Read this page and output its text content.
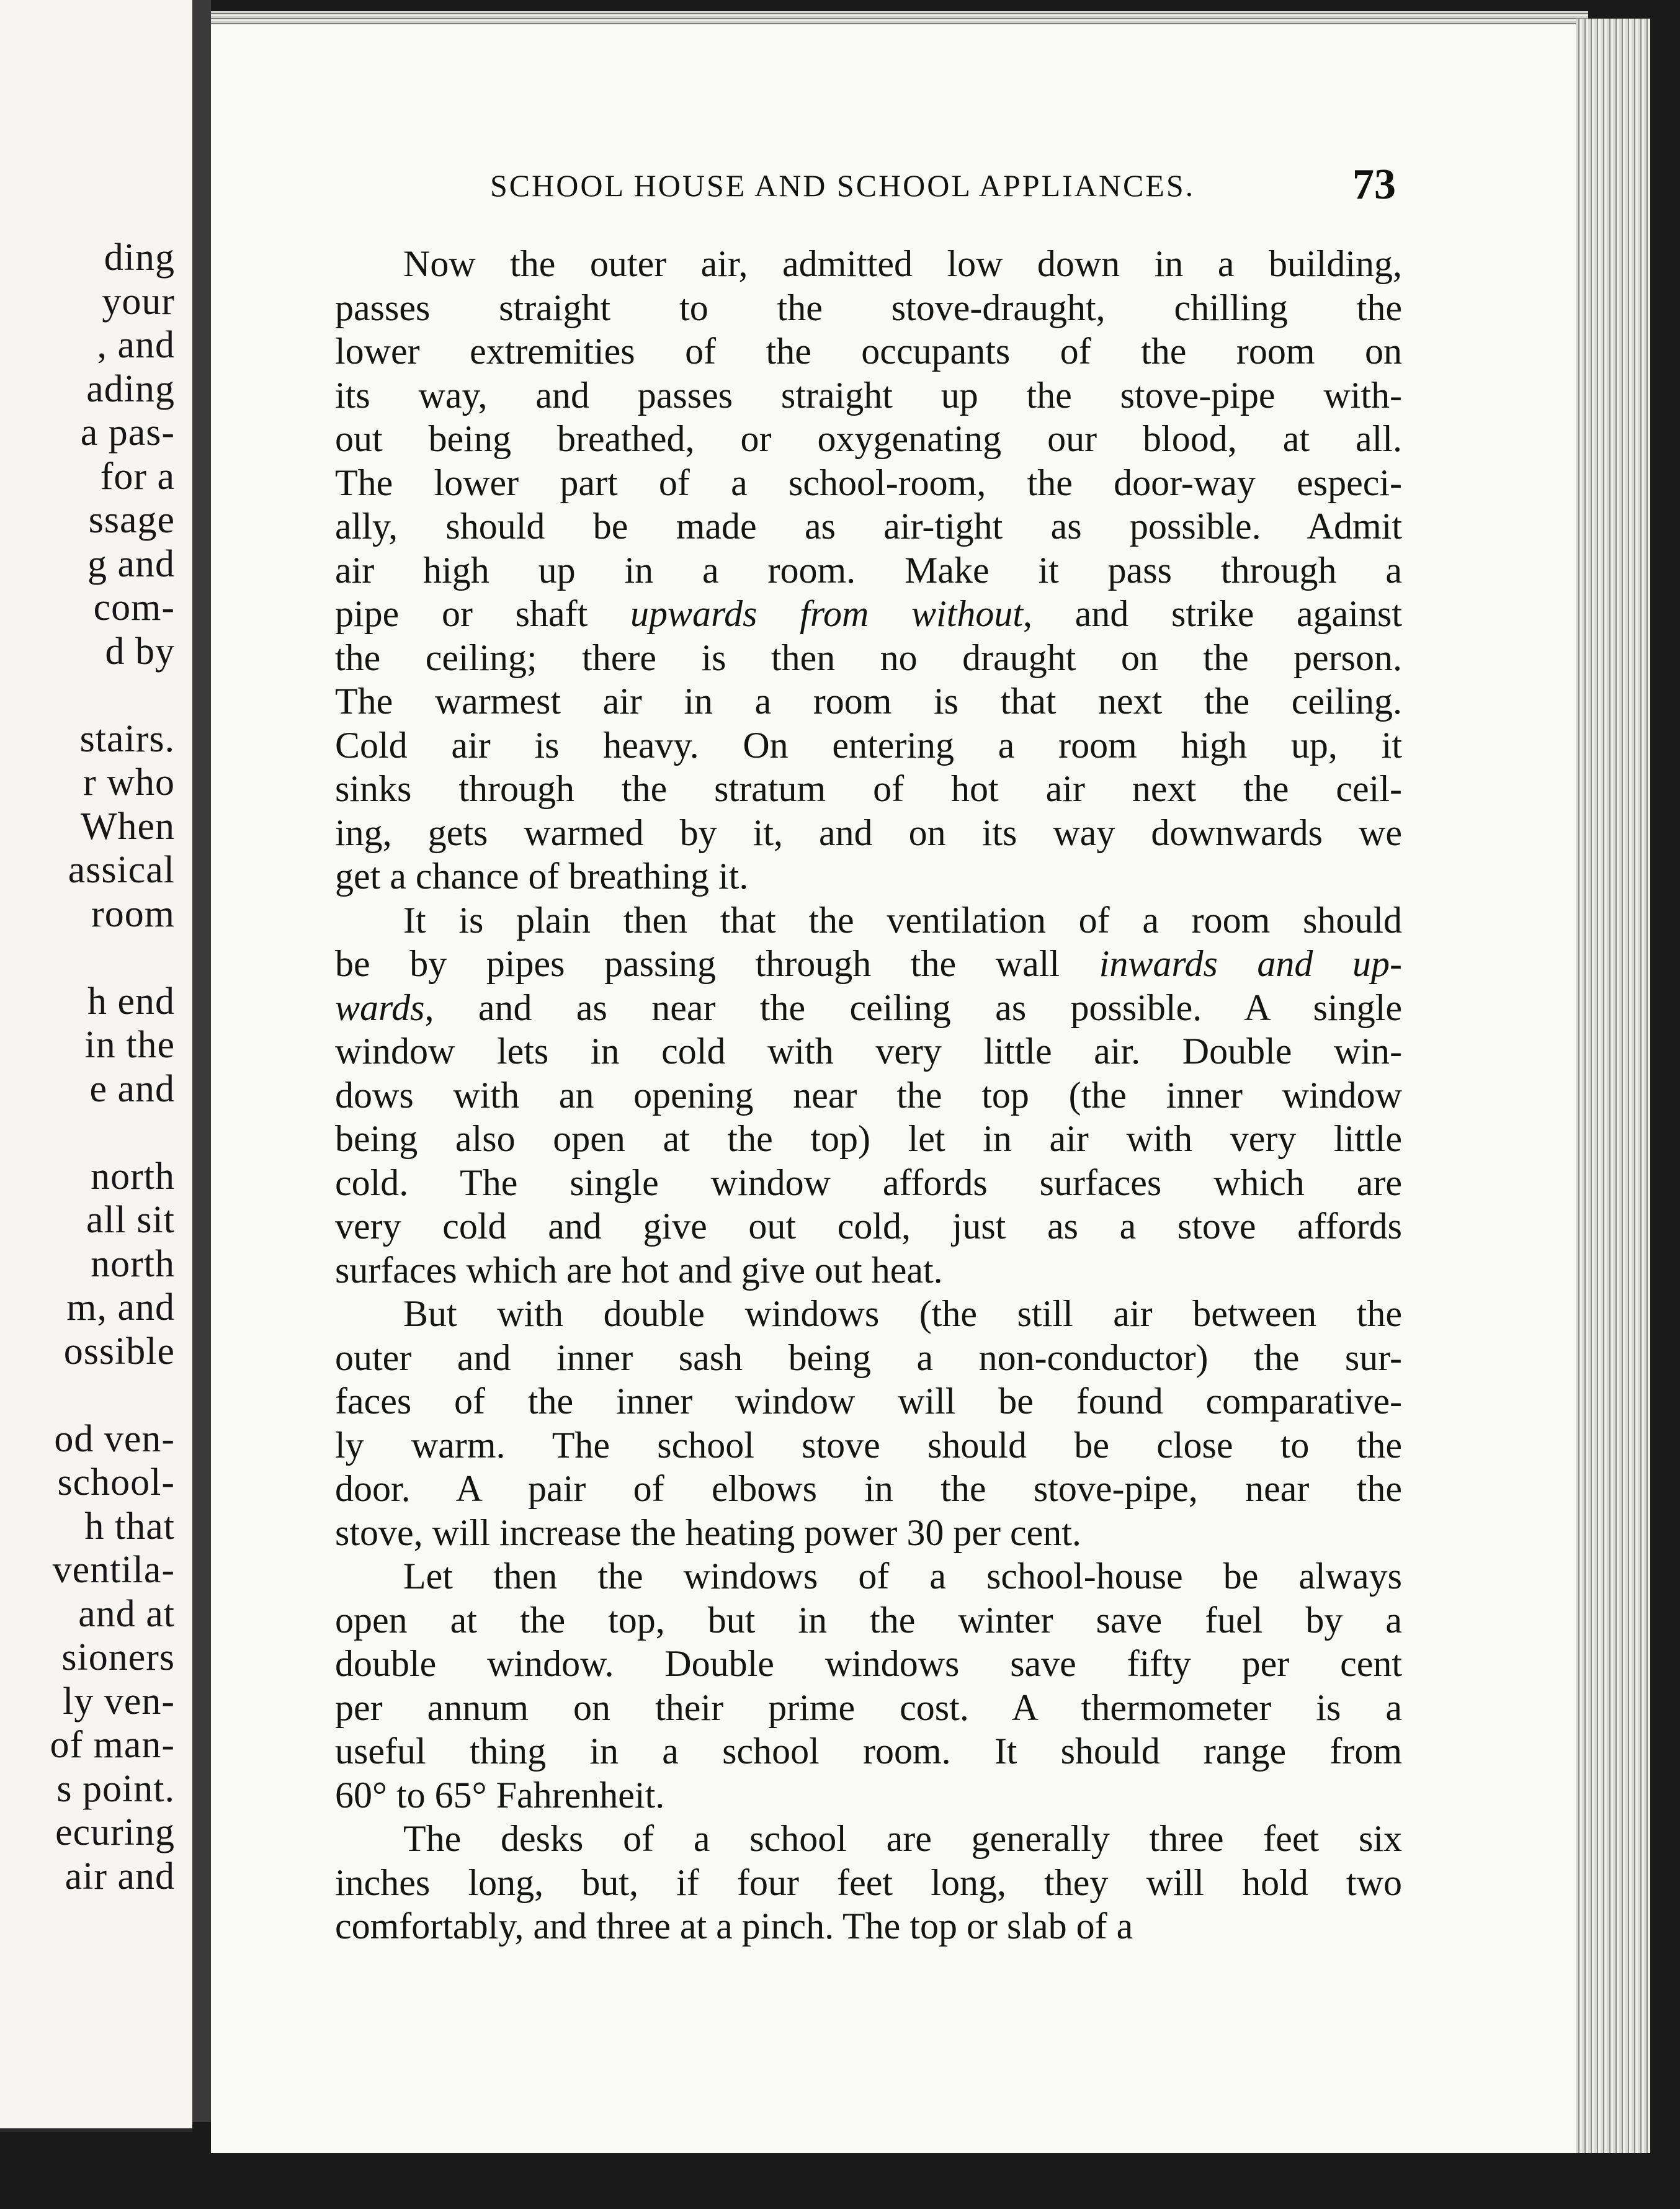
ding
your
, and
ading
a pas-
for a
ssage
g and
com-
d by
stairs.
r who
When
assical
room
h end
in the
e and
north
all sit
north
m, and
ossible
od ven-
school-
h that
ventila-
and at
sioners
ly ven-
of man-
s point.
ecuring
air and
SCHOOL HOUSE AND SCHOOL APPLIANCES.	73
Now the outer air, admitted low down in a building,
passes straight to the stove-draught, chilling the
lower extremities of the occupants of the room on
its way, and passes straight up the stove-pipe with-
out being breathed, or oxygenating our blood, at all.
The lower part of a school-room, the door-way especi-
ally, should be made as air-tight as possible. Admit
air high up in a room. Make it pass through a
pipe or shaft upwards from without, and strike against
the ceiling; there is then no draught on the person.
The warmest air in a room is that next the ceiling.
Cold air is heavy. On entering a room high up, it
sinks through the stratum of hot air next the ceil-
ing, gets warmed by it, and on its way downwards we
get a chance of breathing it.
It is plain then that the ventilation of a room should
be by pipes passing through the wall inwards and up-
wards, and as near the ceiling as possible. A single
window lets in cold with very little air. Double win-
dows with an opening near the top (the inner window
being also open at the top) let in air with very little
cold. The single window affords surfaces which are
very cold and give out cold, just as a stove affords
surfaces which are hot and give out heat.
But with double windows (the still air between the
outer and inner sash being a non-conductor) the sur-
faces of the inner window will be found comparative-
ly warm. The school stove should be close to the
door. A pair of elbows in the stove-pipe, near the
stove, will increase the heating power 30 per cent.
Let then the windows of a school-house be always
open at the top, but in the winter save fuel by a
double window. Double windows save fifty per cent
per annum on their prime cost. A thermometer is a
useful thing in a school room. It should range from
60° to 65° Fahrenheit.
The desks of a school are generally three feet six
inches long, but, if four feet long, they will hold two
comfortably, and three at a pinch. The top or slab of a
